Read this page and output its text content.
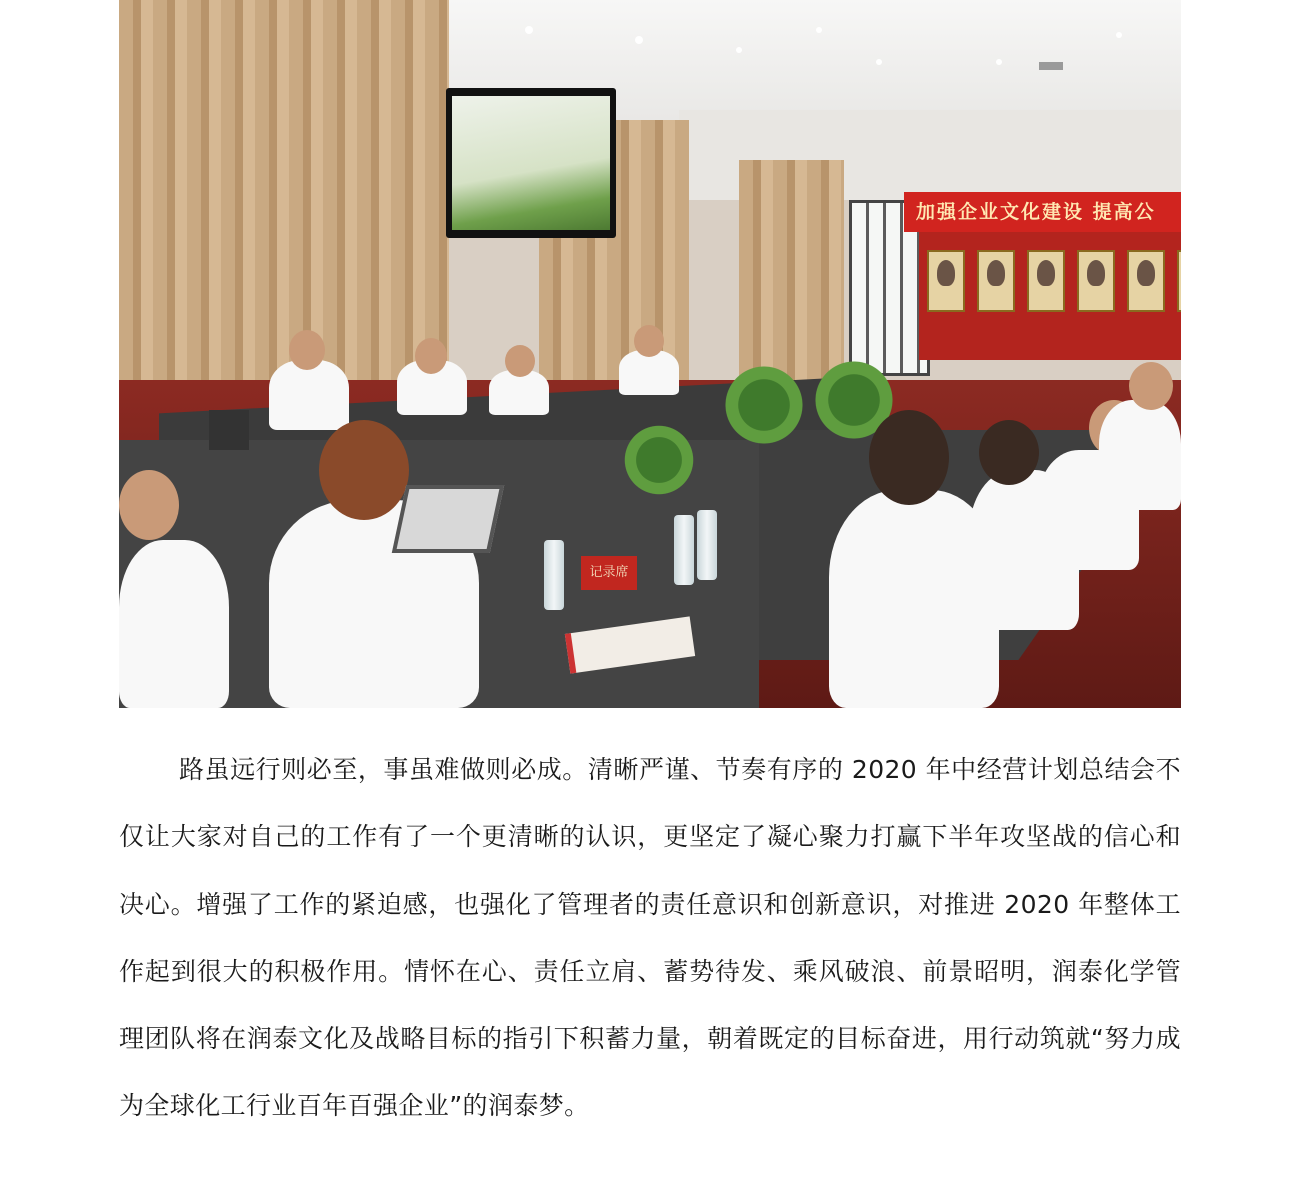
加强企业文化建设 提高公
记录席

路虽远行则必至，事虽难做则必成。清晰严谨、节奏有序的 2020 年中经营计划总结会不仅让大家对自己的工作有了一个更清晰的认识，更坚定了凝心聚力打赢下半年攻坚战的信心和决心。增强了工作的紧迫感，也强化了管理者的责任意识和创新意识，对推进 2020 年整体工作起到很大的积极作用。情怀在心、责任立肩、蓄势待发、乘风破浪、前景昭明，润泰化学管理团队将在润泰文化及战略目标的指引下积蓄力量，朝着既定的目标奋进，用行动筑就“努力成为全球化工行业百年百强企业”的润泰梦。
